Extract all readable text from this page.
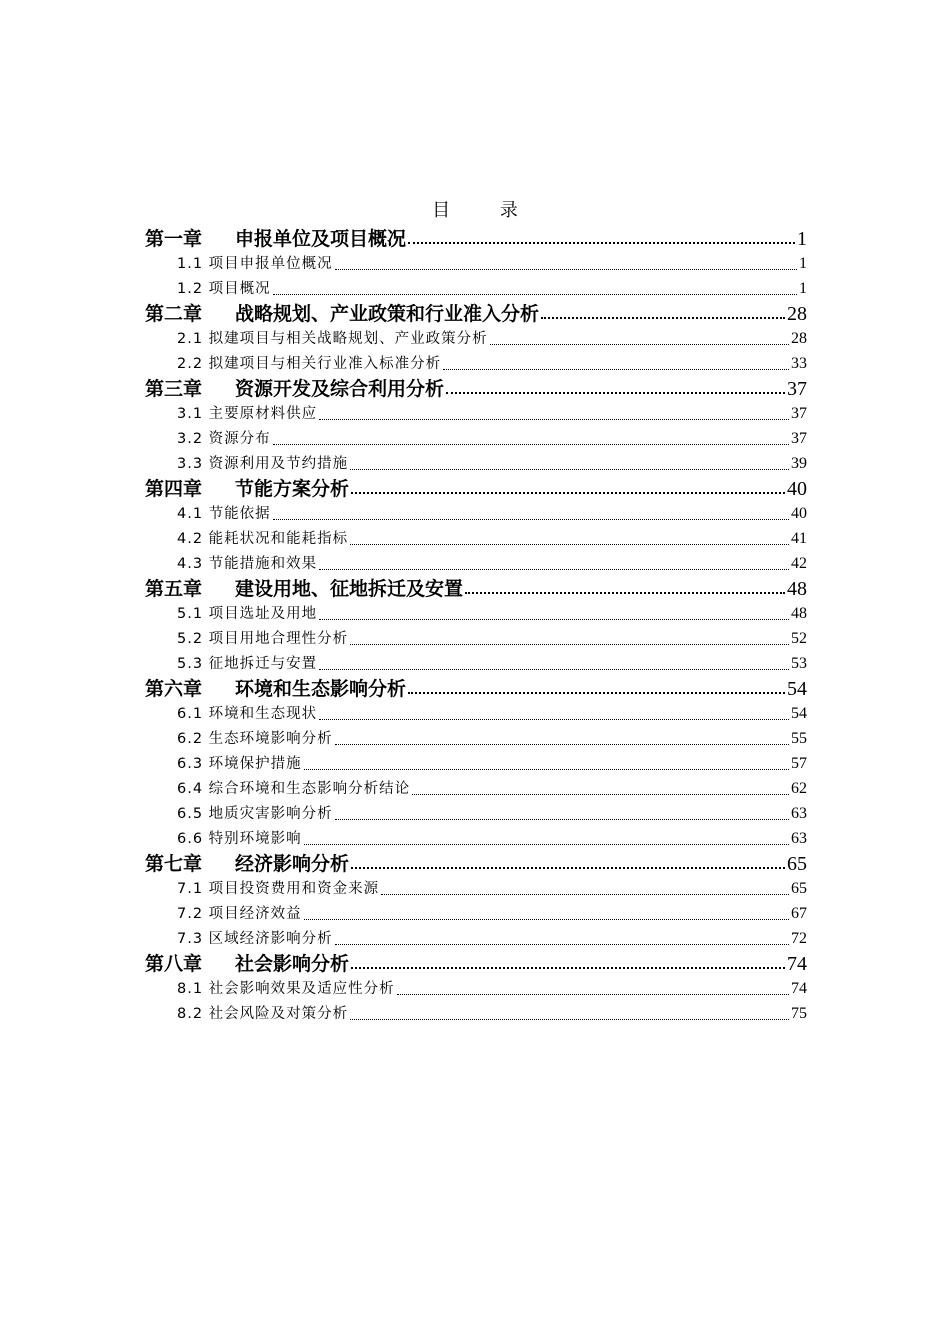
目 录
第一章 申报单位及项目概况	1
1.1 项目申报单位概况	1
1.2 项目概况	1
第二章 战略规划、产业政策和行业准入分析	28
2.1 拟建项目与相关战略规划、产业政策分析	28
2.2 拟建项目与相关行业准入标准分析	33
第三章 资源开发及综合利用分析	37
3.1 主要原材料供应	37
3.2 资源分布	37
3.3 资源利用及节约措施	39
第四章 节能方案分析	40
4.1 节能依据	40
4.2 能耗状况和能耗指标	41
4.3 节能措施和效果	42
第五章 建设用地、征地拆迁及安置	48
5.1 项目选址及用地	48
5.2 项目用地合理性分析	52
5.3 征地拆迁与安置	53
第六章 环境和生态影响分析	54
6.1 环境和生态现状	54
6.2 生态环境影响分析	55
6.3 环境保护措施	57
6.4 综合环境和生态影响分析结论	62
6.5 地质灾害影响分析	63
6.6 特别环境影响	63
第七章 经济影响分析	65
7.1 项目投资费用和资金来源	65
7.2 项目经济效益	67
7.3 区域经济影响分析	72
第八章 社会影响分析	74
8.1 社会影响效果及适应性分析	74
8.2 社会风险及对策分析	75
